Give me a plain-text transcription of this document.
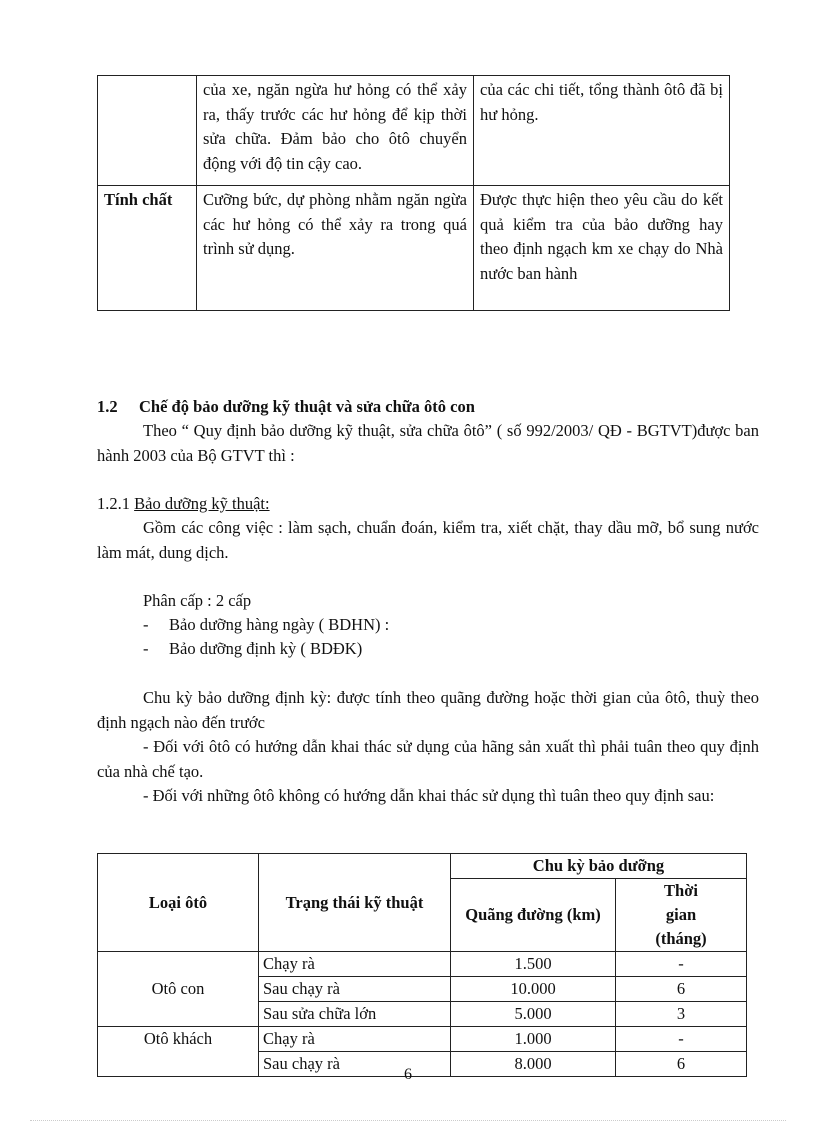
	của xe, ngăn ngừa hư hỏng có thể xảy ra, thấy trước các hư hỏng để kịp thời sửa chữa. Đảm bảo cho ôtô chuyển động với độ tin cậy cao.	của các chi tiết, tổng thành ôtô đã bị hư hỏng.
Tính chất	Cưỡng bức, dự phòng nhằm ngăn ngừa các hư hỏng có thể xảy ra trong quá trình sử dụng.	Được thực hiện theo yêu cầu do kết quả kiểm tra của bảo dưỡng hay theo định ngạch km xe chạy do Nhà nước ban hành
1.2 Chế độ bảo dưỡng kỹ thuật và sửa chữa ôtô con
Theo “ Quy định bảo dưỡng kỹ thuật, sửa chữa ôtô” ( số 992/2003/ QĐ - BGTVT)được ban hành 2003 của Bộ GTVT thì :
1.2.1 Bảo dưỡng kỹ thuật:
Gồm các công việc : làm sạch, chuẩn đoán, kiểm tra, xiết chặt, thay dầu mỡ, bổ sung nước làm mát, dung dịch.
Phân cấp : 2 cấp
- Bảo dưỡng hàng ngày ( BDHN) :
- Bảo dưỡng định kỳ ( BDĐK)
Chu kỳ bảo dưỡng định kỳ: được tính theo quãng đường hoặc thời gian của ôtô, thuỳ theo định ngạch nào đến trước
- Đối với ôtô có hướng dẫn khai thác sử dụng của hãng sản xuất thì phải tuân theo quy định của nhà chế tạo.
- Đối với những ôtô không có hướng dẫn khai thác sử dụng thì tuân theo quy định sau:
Loại ôtô	Trạng thái kỹ thuật	Chu kỳ bảo dưỡng	
		Quãng đường (km)	Thời gian (tháng)
Otô con	Chạy rà	1.500	-
	Sau chạy rà	10.000	6
	Sau sửa chữa lớn	5.000	3
Otô khách	Chạy rà	1.000	-
	Sau chạy rà	8.000	6
6
